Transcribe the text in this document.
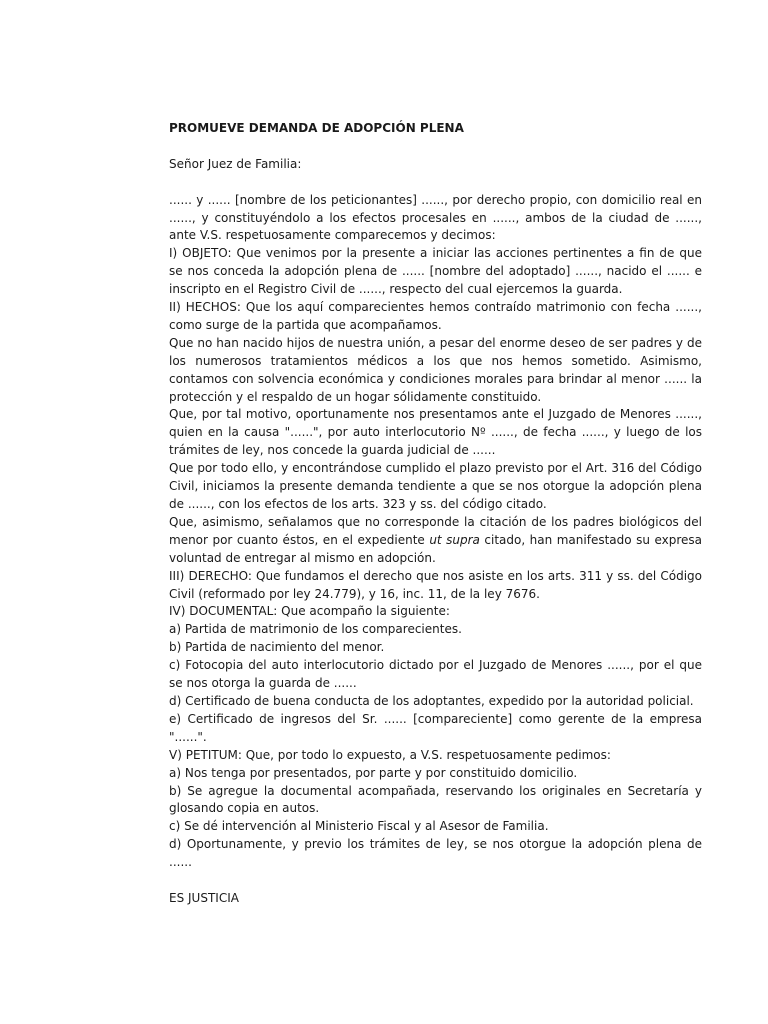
PROMUEVE DEMANDA DE ADOPCIÓN PLENA
Señor Juez de Familia:

...... y ...... [nombre de los peticionantes] ......, por derecho propio, con domicilio real en ......, y constituyéndolo a los efectos procesales en ......, ambos de la ciudad de ......, ante V.S. respetuosamente comparecemos y decimos:

I) OBJETO: Que venimos por la presente a iniciar las acciones pertinentes a fin de que se nos conceda la adopción plena de ...... [nombre del adoptado] ......, nacido el ...... e inscripto en el Registro Civil de ......, respecto del cual ejercemos la guarda.

II) HECHOS: Que los aquí comparecientes hemos contraído matrimonio con fecha ......, como surge de la partida que acompañamos.

Que no han nacido hijos de nuestra unión, a pesar del enorme deseo de ser padres y de los numerosos tratamientos médicos a los que nos hemos sometido. Asimismo, contamos con solvencia económica y condiciones morales para brindar al menor ...... la protección y el respaldo de un hogar sólidamente constituido.

Que, por tal motivo, oportunamente nos presentamos ante el Juzgado de Menores ......, quien en la causa "......", por auto interlocutorio Nº ......, de fecha ......, y luego de los trámites de ley, nos concede la guarda judicial de ......

Que por todo ello, y encontrándose cumplido el plazo previsto por el Art. 316 del Código Civil, iniciamos la presente demanda tendiente a que se nos otorgue la adopción plena de ......, con los efectos de los arts. 323 y ss. del código citado.

Que, asimismo, señalamos que no corresponde la citación de los padres biológicos del menor por cuanto éstos, en el expediente ut supra citado, han manifestado su expresa voluntad de entregar al mismo en adopción.

III) DERECHO: Que fundamos el derecho que nos asiste en los arts. 311 y ss. del Código Civil (reformado por ley 24.779), y 16, inc. 11, de la ley 7676.

IV) DOCUMENTAL: Que acompaño la siguiente:

a) Partida de matrimonio de los comparecientes.

b) Partida de nacimiento del menor.

c) Fotocopia del auto interlocutorio dictado por el Juzgado de Menores ......, por el que se nos otorga la guarda de ......

d) Certificado de buena conducta de los adoptantes, expedido por la autoridad policial.

e) Certificado de ingresos del Sr. ...... [compareciente] como gerente de la empresa "......".

V) PETITUM: Que, por todo lo expuesto, a V.S. respetuosamente pedimos:

a) Nos tenga por presentados, por parte y por constituido domicilio.

b) Se agregue la documental acompañada, reservando los originales en Secretaría y glosando copia en autos.

c) Se dé intervención al Ministerio Fiscal y al Asesor de Familia.

d) Oportunamente, y previo los trámites de ley, se nos otorgue la adopción plena de ......

ES JUSTICIA
